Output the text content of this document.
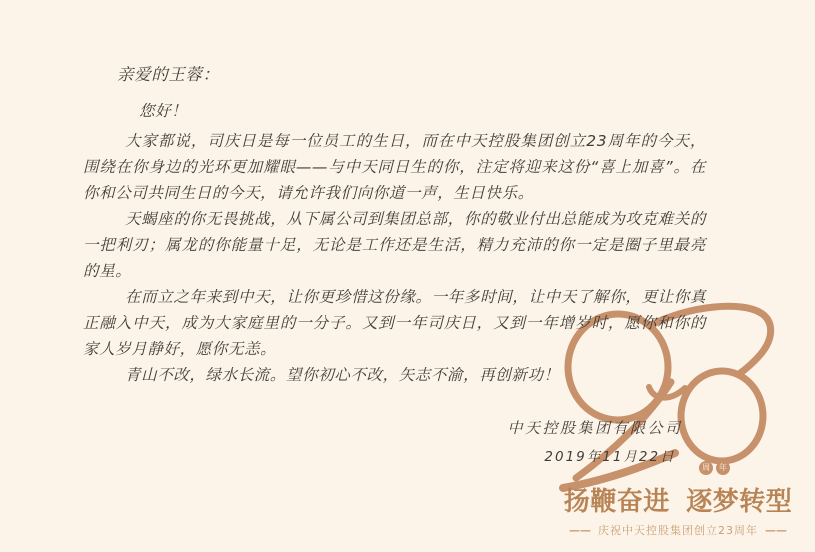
亲爱的王蓉：
您好！

大家都说，司庆日是每一位员工的生日，而在中天控股集团创立23周年的今天，围绕在你身边的光环更加耀眼——与中天同日生的你，注定将迎来这份“喜上加喜”。在你和公司共同生日的今天，请允许我们向你道一声，生日快乐。

天蝎座的你无畏挑战，从下属公司到集团总部，你的敬业付出总能成为攻克难关的一把利刃；属龙的你能量十足，无论是工作还是生活，精力充沛的你一定是圈子里最亮的星。

在而立之年来到中天，让你更珍惜这份缘。一年多时间，让中天了解你，更让你真正融入中天，成为大家庭里的一分子。又到一年司庆日，又到一年增岁时，愿你和你的家人岁月静好，愿你无恙。

青山不改，绿水长流。望你初心不改，矢志不渝，再创新功！

中天控股集团有限公司
2019年11月22日
周	年
扬鞭奋进 逐梦转型
—— 庆祝中天控股集团创立23周年 ——
